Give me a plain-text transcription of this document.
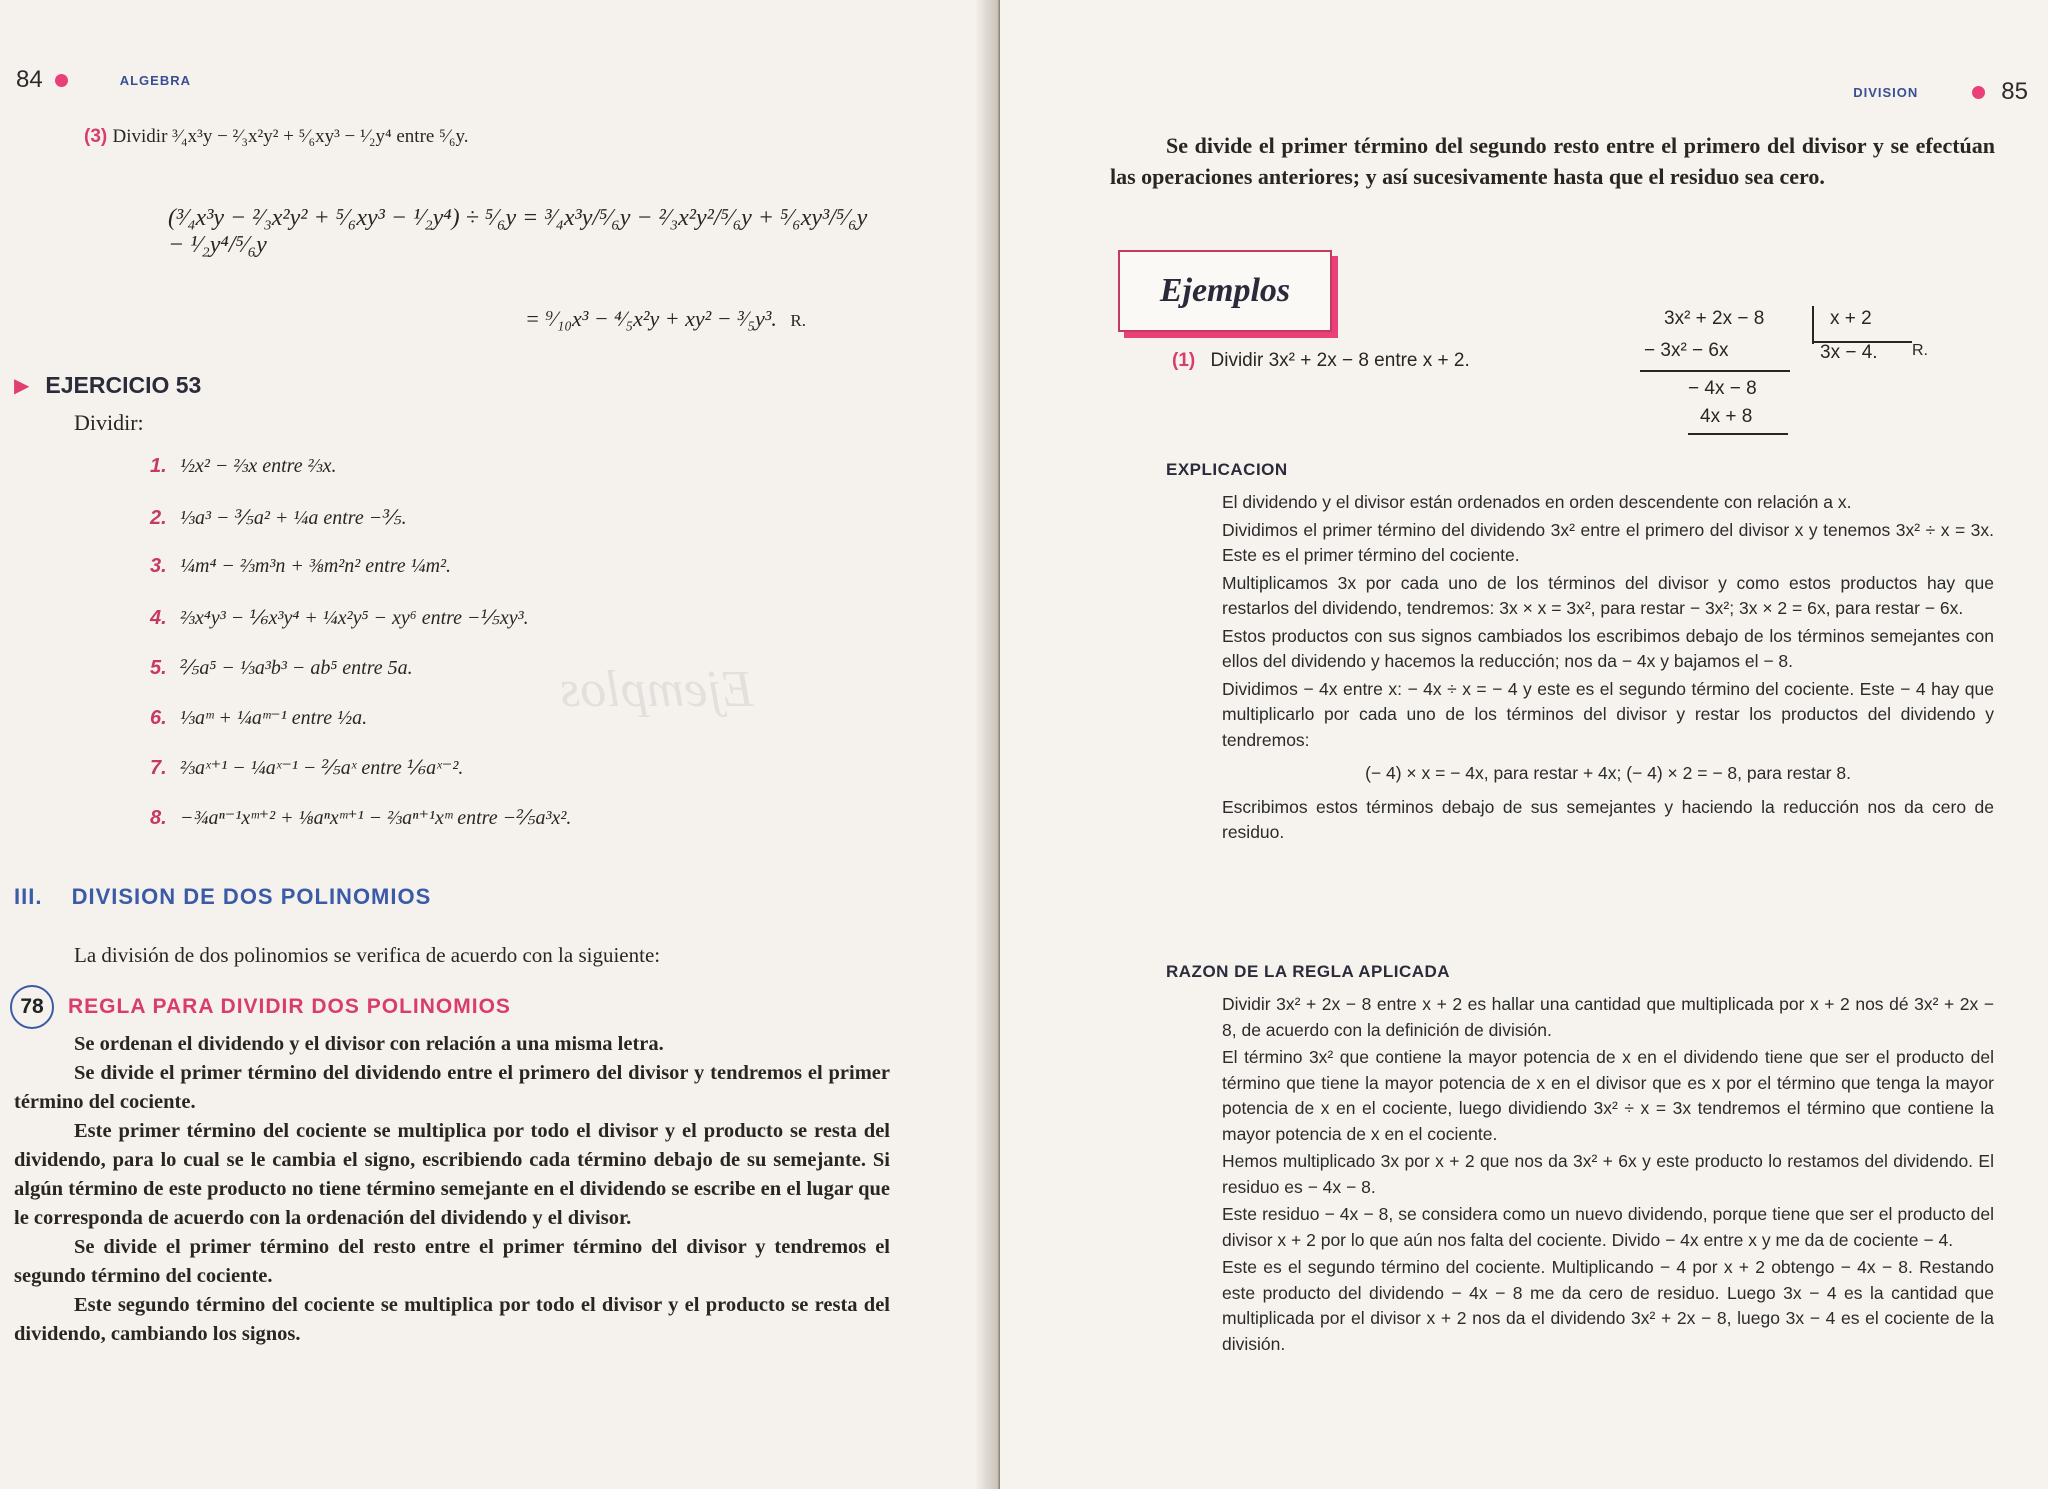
Ejemplos
84	ALGEBRA
(3) Dividir ³⁄₄x³y − ²⁄₃x²y² + ⁵⁄₆xy³ − ¹⁄₂y⁴ entre ⁵⁄₆y.
(³⁄₄x³y − ²⁄₃x²y² + ⁵⁄₆xy³ − ¹⁄₂y⁴) ÷ ⁵⁄₆y = ³⁄₄x³y/⁵⁄₆y − ²⁄₃x²y²/⁵⁄₆y + ⁵⁄₆xy³/⁵⁄₆y − ¹⁄₂y⁴/⁵⁄₆y
= ⁹⁄₁₀x³ − ⁴⁄₅x²y + xy² − ³⁄₅y³. R.
▶ EJERCICIO 53
Dividir:
1. ½x² − ⅔x entre ⅔x.
2. ⅓a³ − ⅗a² + ¼a entre −⅗.
3. ¼m⁴ − ⅔m³n + ⅜m²n² entre ¼m².
4. ⅔x⁴y³ − ⅙x³y⁴ + ¼x²y⁵ − xy⁶ entre −⅕xy³.
5. ⅖a⁵ − ⅓a³b³ − ab⁵ entre 5a.
6. ⅓aᵐ + ¼aᵐ⁻¹ entre ½a.
7. ⅔aˣ⁺¹ − ¼aˣ⁻¹ − ⅖aˣ entre ⅙aˣ⁻².
8. −¾aⁿ⁻¹xᵐ⁺² + ⅛aⁿxᵐ⁺¹ − ⅔aⁿ⁺¹xᵐ entre −⅖a³x².
III. DIVISION DE DOS POLINOMIOS
La división de dos polinomios se verifica de acuerdo con la siguiente:
78	REGLA PARA DIVIDIR DOS POLINOMIOS
Se ordenan el dividendo y el divisor con relación a una misma letra.
Se divide el primer término del dividendo entre el primero del divisor y tendremos el primer término del cociente.
Este primer término del cociente se multiplica por todo el divisor y el producto se resta del dividendo, para lo cual se le cambia el signo, escribiendo cada término debajo de su semejante. Si algún término de este producto no tiene término semejante en el dividendo se escribe en el lugar que le corresponda de acuerdo con la ordenación del dividendo y el divisor.
Se divide el primer término del resto entre el primer término del divisor y tendremos el segundo término del cociente.
Este segundo término del cociente se multiplica por todo el divisor y el producto se resta del dividendo, cambiando los signos.
DIVISION	85
Se divide el primer término del segundo resto entre el primero del divisor y se efectúan las operaciones anteriores; y así sucesivamente hasta que el residuo sea cero.
Ejemplos
(1) Dividir 3x² + 2x − 8 entre x + 2.
3x² + 2x − 8	x + 2
− 3x² − 6x	3x − 4. R.
− 4x − 8
4x + 8
EXPLICACION
El dividendo y el divisor están ordenados en orden descendente con relación a x.
Dividimos el primer término del dividendo 3x² entre el primero del divisor x y tenemos 3x² ÷ x = 3x. Este es el primer término del cociente.
Multiplicamos 3x por cada uno de los términos del divisor y como estos productos hay que restarlos del dividendo, tendremos: 3x × x = 3x², para restar − 3x²; 3x × 2 = 6x, para restar − 6x.
Estos productos con sus signos cambiados los escribimos debajo de los términos semejantes con ellos del dividendo y hacemos la reducción; nos da − 4x y bajamos el − 8.
Dividimos − 4x entre x: − 4x ÷ x = − 4 y este es el segundo término del cociente. Este − 4 hay que multiplicarlo por cada uno de los términos del divisor y restar los productos del dividendo y tendremos:
(− 4) × x = − 4x, para restar + 4x; (− 4) × 2 = − 8, para restar 8.
Escribimos estos términos debajo de sus semejantes y haciendo la reducción nos da cero de residuo.
RAZON DE LA REGLA APLICADA
Dividir 3x² + 2x − 8 entre x + 2 es hallar una cantidad que multiplicada por x + 2 nos dé 3x² + 2x − 8, de acuerdo con la definición de división.
El término 3x² que contiene la mayor potencia de x en el dividendo tiene que ser el producto del término que tiene la mayor potencia de x en el divisor que es x por el término que tenga la mayor potencia de x en el cociente, luego dividiendo 3x² ÷ x = 3x tendremos el término que contiene la mayor potencia de x en el cociente.
Hemos multiplicado 3x por x + 2 que nos da 3x² + 6x y este producto lo restamos del dividendo. El residuo es − 4x − 8.
Este residuo − 4x − 8, se considera como un nuevo dividendo, porque tiene que ser el producto del divisor x + 2 por lo que aún nos falta del cociente. Divido − 4x entre x y me da de cociente − 4.
Este es el segundo término del cociente. Multiplicando − 4 por x + 2 obtengo − 4x − 8. Restando este producto del dividendo − 4x − 8 me da cero de residuo. Luego 3x − 4 es la cantidad que multiplicada por el divisor x + 2 nos da el dividendo 3x² + 2x − 8, luego 3x − 4 es el cociente de la división.
